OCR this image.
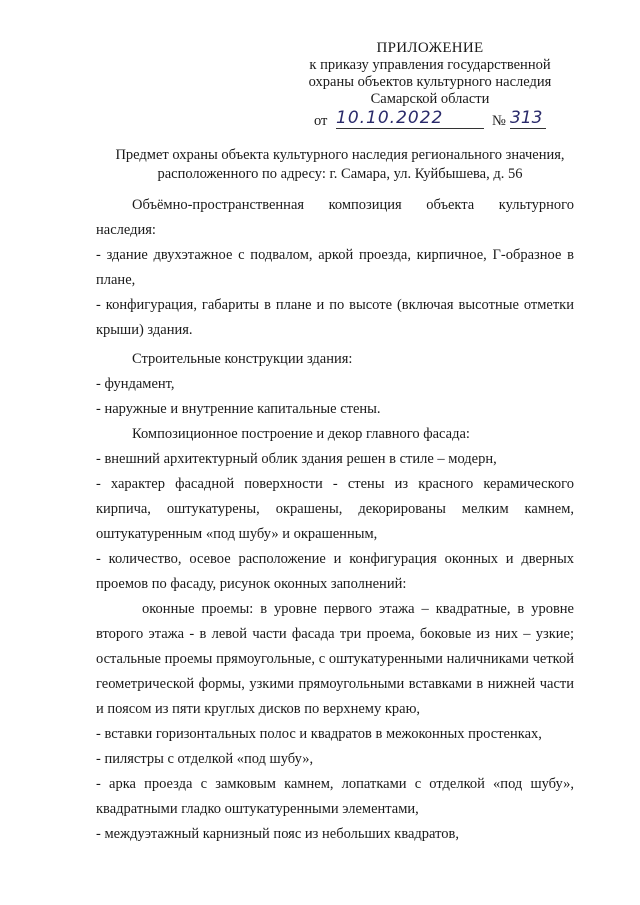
ПРИЛОЖЕНИЕ
к приказу управления государственной
охраны объектов культурного наследия
Самарской области
от 10.10.2022	№ 313
Предмет охраны объекта культурного наследия регионального значения,
расположенного по адресу: г. Самара, ул. Куйбышева, д. 56

Объёмно-пространственная композиция объекта культурного наследия:

- здание двухэтажное с подвалом, аркой проезда, кирпичное, Г-образное в плане,

- конфигурация, габариты в плане и по высоте (включая высотные отметки крыши) здания.

Строительные конструкции здания:

- фундамент,

- наружные и внутренние капитальные стены.

Композиционное построение и декор главного фасада:

- внешний архитектурный облик здания решен в стиле – модерн,

- характер фасадной поверхности - стены из красного керамического кирпича, оштукатурены, окрашены, декорированы мелким камнем, оштукатуренным «под шубу» и окрашенным,

- количество, осевое расположение и конфигурация оконных и дверных проемов по фасаду, рисунок оконных заполнений:

оконные проемы: в уровне первого этажа – квадратные, в уровне второго этажа - в левой части фасада три проема, боковые из них – узкие; остальные проемы прямоугольные, с оштукатуренными наличниками четкой геометрической формы, узкими прямоугольными вставками в нижней части и поясом из пяти круглых дисков по верхнему краю,

- вставки горизонтальных полос и квадратов в межоконных простенках,

- пилястры с отделкой «под шубу»,

- арка проезда с замковым камнем, лопатками с отделкой «под шубу», квадратными гладко оштукатуренными элементами,

- междуэтажный карнизный пояс из небольших квадратов,
